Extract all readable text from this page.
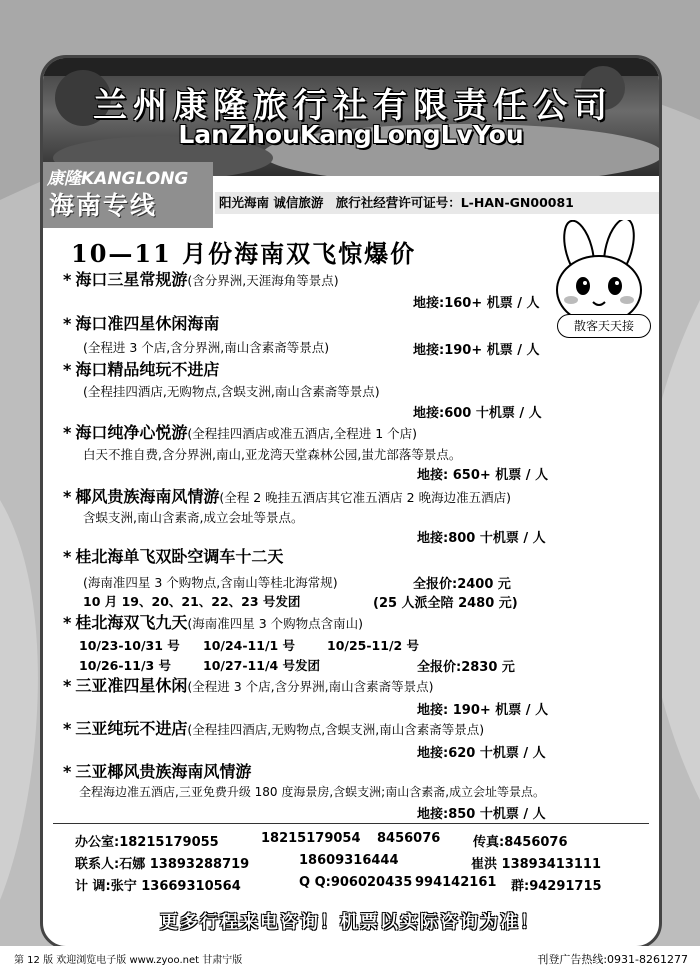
兰州康隆旅行社有限责任公司
LanZhouKangLongLvYou
康隆KANGLONG
海南专线	阳光海南 诚信旅游 旅行社经营许可证号：L-HAN-GN00081
10—11 月份海南双飞惊爆价
散客天天接
* 海口三星常规游(含分界洲,天涯海角等景点)
地接:160+ 机票 / 人
* 海口准四星休闲海南
(全程进 3 个店,含分界洲,南山含素斋等景点)	地接:190+ 机票 / 人
* 海口精品纯玩不进店
(全程挂四酒店,无购物点,含蜈支洲,南山含素斋等景点)
地接:600 十机票 / 人
* 海口纯净心悦游(全程挂四酒店或准五酒店,全程进 1 个店)
白天不推自费,含分界洲,南山,亚龙湾天堂森林公园,蚩尤部落等景点。
地接: 650+ 机票 / 人
* 椰风贵族海南风情游(全程 2 晚挂五酒店其它准五酒店 2 晚海边准五酒店)
含蜈支洲,南山含素斋,成立会址等景点。
地接:800 十机票 / 人
* 桂北海单飞双卧空调车十二天
(海南准四星 3 个购物点,含南山等桂北海常规)	全报价:2400 元
10 月 19、20、21、22、23 号发团	(25 人派全陪 2480 元)
* 桂北海双飞九天(海南准四星 3 个购物点含南山)
10/23-10/31 号 10/24-11/1 号	10/25-11/2 号
10/26-11/3 号	10/27-11/4 号发团	全报价:2830 元
* 三亚准四星休闲(全程进 3 个店,含分界洲,南山含素斋等景点)
地接: 190+ 机票 / 人
* 三亚纯玩不进店(全程挂四酒店,无购物点,含蜈支洲,南山含素斋等景点)
地接:620 十机票 / 人
* 三亚椰风贵族海南风情游
全程海边准五酒店,三亚免费升级 180 度海景房,含蜈支洲;南山含素斋,成立会址等景点。
地接:850 十机票 / 人
办公室:18215179055	18215179054 8456076	传真:8456076
联系人:石娜 13893288719	18609316444	崔洪 13893413111
计 调:张宁 13669310564	Q Q:906020435 994142161 群:94291715
更多行程来电咨询！机票以实际咨询为准！
第 12 版 欢迎浏览电子版 www.zyoo.net 甘肃宁版	刊登广告热线:0931-8261277
